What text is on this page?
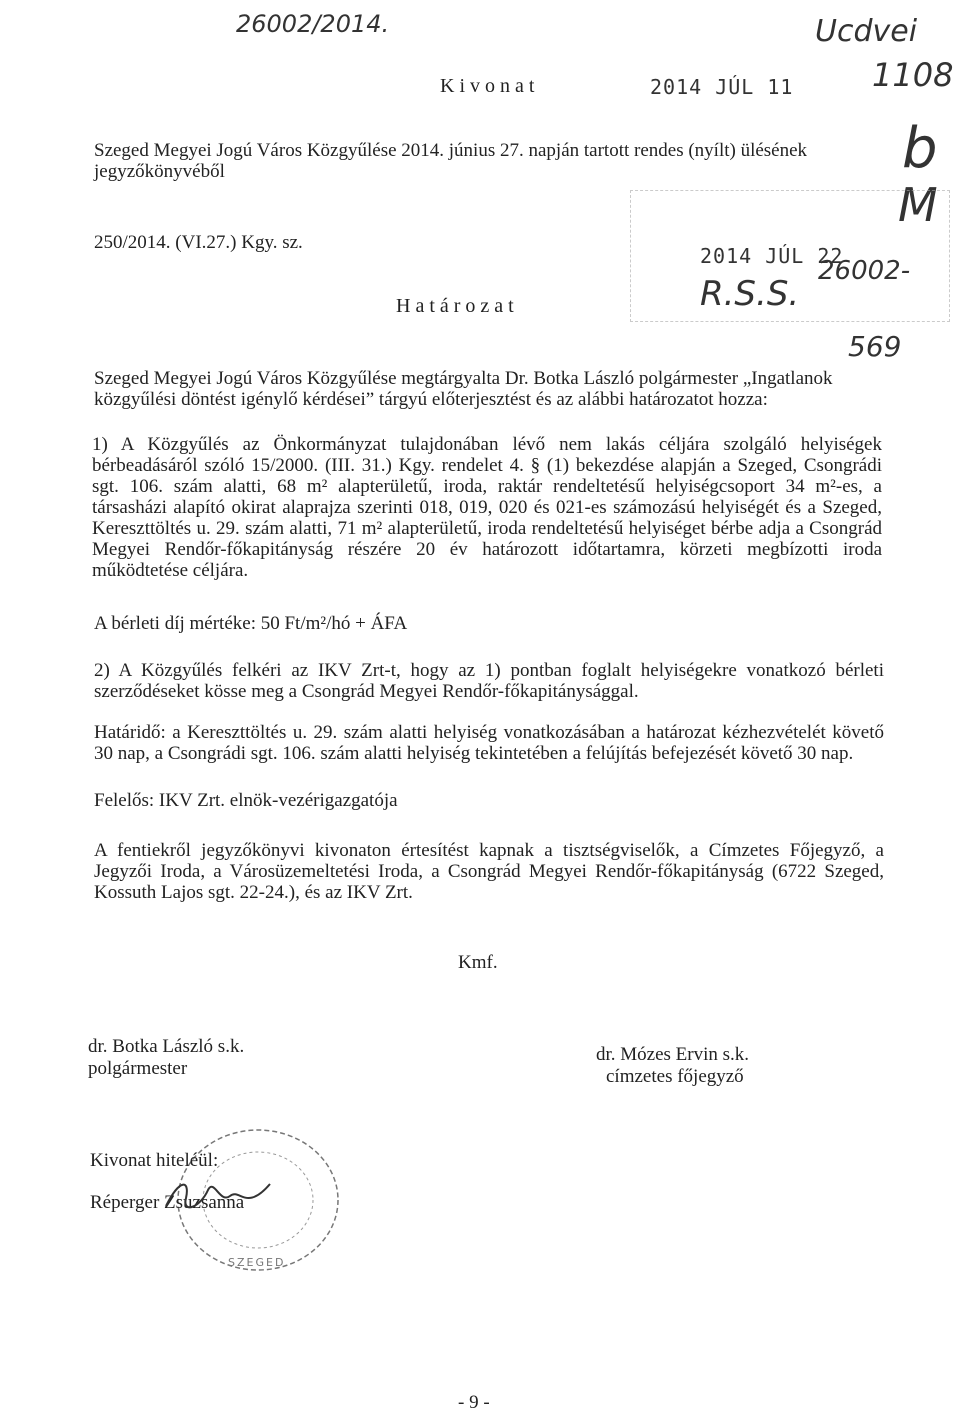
26002/2014.	Ucdvei
1108
b
M
2014 JÚL 22
26002-
R.S.S.
569
Kivonat	2014 JÚL 11
Szeged Megyei Jogú Város Közgyűlése 2014. június 27. napján tartott rendes (nyílt) ülésének jegyzőkönyvéből
250/2014. (VI.27.) Kgy. sz.
Határozat
Szeged Megyei Jogú Város Közgyűlése megtárgyalta Dr. Botka László polgármester „Ingatlanok közgyűlési döntést igénylő kérdései” tárgyú előterjesztést és az alábbi határozatot hozza:
1) A Közgyűlés az Önkormányzat tulajdonában lévő nem lakás céljára szolgáló helyiségek bérbeadásáról szóló 15/2000. (III. 31.) Kgy. rendelet 4. § (1) bekezdése alapján a Szeged, Csongrádi sgt. 106. szám alatti, 68 m² alapterületű, iroda, raktár rendeltetésű helyiségcsoport 34 m²-es, a társasházi alapító okirat alaprajza szerinti 018, 019, 020 és 021-es számozású helyiségét és a Szeged, Kereszttöltés u. 29. szám alatti, 71 m² alapterületű, iroda rendeltetésű helyiséget bérbe adja a Csongrád Megyei Rendőr-főkapitányság részére 20 év határozott időtartamra, körzeti megbízotti iroda működtetése céljára.
A bérleti díj mértéke: 50 Ft/m²/hó + ÁFA
2) A Közgyűlés felkéri az IKV Zrt-t, hogy az 1) pontban foglalt helyiségekre vonatkozó bérleti szerződéseket kösse meg a Csongrád Megyei Rendőr-főkapitánysággal.
Határidő: a Kereszttöltés u. 29. szám alatti helyiség vonatkozásában a határozat kézhezvételét követő 30 nap, a Csongrádi sgt. 106. szám alatti helyiség tekintetében a felújítás befejezését követő 30 nap.
Felelős: IKV Zrt. elnök-vezérigazgatója
A fentiekről jegyzőkönyvi kivonaton értesítést kapnak a tisztségviselők, a Címzetes Főjegyző, a Jegyzői Iroda, a Városüzemeltetési Iroda, a Csongrád Megyei Rendőr-főkapitányság (6722 Szeged, Kossuth Lajos sgt. 22-24.), és az IKV Zrt.
Kmf.
dr. Botka László s.k.
polgármester
dr. Mózes Ervin s.k.
címzetes főjegyző
SZEGED
Kivonat hiteléül:
Réperger Zsuzsanna
- 9 -
